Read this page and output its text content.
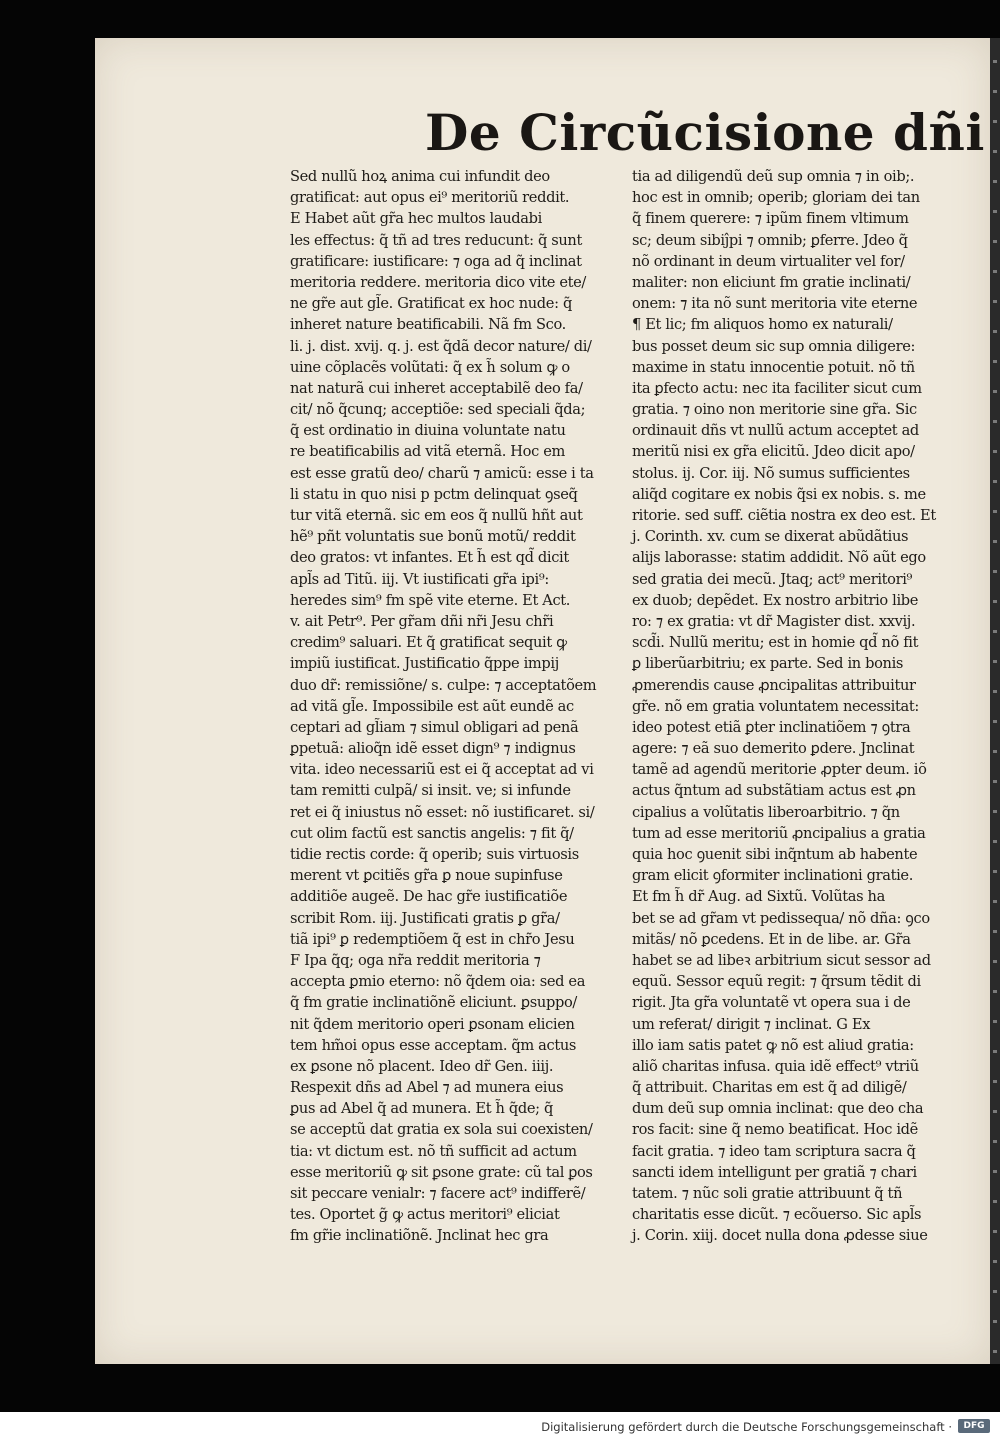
De Circũcisione dñi
Sed nullũ hoꝝ anima cui infundit deo
gratificat: aut opus ei⁹ meritoriũ reddit.
E Habet aũt gr̃a hec multos laudabi
les effectus: q̃ tñ ad tres reducunt: q̃ sunt
gratificare: iustificare: ⁊ oga ad q̃ inclinat
meritoria reddere. meritoria dico vite ete/
ne gr̃e aut gl̃e. Gratificat ex hoc nude: q̃
inheret nature beatificabili. Nã fm Sco.
li. j. dist. xvij. q. j. est q̃dã decor nature/ di/
uine cõplacẽs volũtati: q̃ ex h̃ solum ꝙ o
nat naturã cui inheret acceptabilẽ deo fa/
cit/ nõ q̃cunq; acceptiõe: sed speciali q̃da;
q̃ est ordinatio in diuina voluntate natu
re beatificabilis ad vitã eternã. Hoc em
est esse gratũ deo/ charũ ⁊ amicũ: esse i ta
li statu in quo nisi p pctm delinquat ꝯseq̃
tur vitã eternã. sic em eos q̃ nullũ hñt aut
hẽ⁹ pñt voluntatis sue bonũ motũ/ reddit
deo gratos: vt infantes. Et h̃ est qd̃ dicit
apl̃s ad Titũ. iij. Vt iustificati gr̃a ipi⁹:
heredes sim⁹ fm spẽ vite eterne. Et Act.
v. ait Petr⁹. Per gr̃am dñi nr̃i Jesu chr̃i
credim⁹ saluari. Et q̃ gratificat sequit ꝙ
impiũ iustificat. Justificatio q̃ppe impij
duo dr̃: remissiõne/ s. culpe: ⁊ acceptatõem
ad vitã gl̃e. Impossibile est aũt eundẽ ac
ceptari ad gl̃iam ⁊ simul obligari ad penã
ꝑpetuã: alioq̃n idẽ esset dign⁹ ⁊ indignus
vita. ideo necessariũ est ei q̃ acceptat ad vi
tam remitti culpã/ si insit. ve; si infunde
ret ei q̃ iniustus nõ esset: nõ iustificaret. si/
cut olim factũ est sanctis angelis: ⁊ fit q̃/
tidie rectis corde: q̃ operib; suis virtuosis
merent vt ꝑcitiẽs gr̃a ꝑ noue supinfuse
additiõe augeẽ. De hac gr̃e iustificatiõe
scribit Rom. iij. Justificati gratis ꝑ gr̃a/
tiã ipi⁹ ꝑ redemptiõem q̃ est in chr̃o Jesu
F Ipa q̃q; oga nr̃a reddit meritoria ⁊
accepta ꝑmio eterno: nõ q̃dem oia: sed ea
q̃ fm gratie inclinatiõnẽ eliciunt. ꝑsuppo/
nit q̃dem meritorio operi ꝑsonam elicien
tem hm̃oi opus esse acceptam. q̃m actus
ex ꝑsone nõ placent. Ideo dr̃ Gen. iiij.
Respexit dñs ad Abel ⁊ ad munera eius
ꝑus ad Abel q̃ ad munera. Et h̃ q̃de; q̃
se acceptũ dat gratia ex sola sui coexisten/
tia: vt dictum est. nõ tñ sufficit ad actum
esse meritoriũ ꝙ sit ꝑsone grate: cũ tal ꝑos
sit peccare venialr: ⁊ facere act⁹ indifferẽ/
tes. Oportet g̃ ꝙ actus meritori⁹ eliciat
fm gr̃ie inclinatiõnẽ. Jnclinat hec gra
tia ad diligendũ deũ sup omnia ⁊ in oib;.
hoc est in omnib; operib; gloriam dei tan
q̃ finem querere: ⁊ ipũm finem vltimum
sc; deum sibiĵpi ⁊ omnib; ꝑferre. Jdeo q̃
nõ ordinant in deum virtualiter vel for/
maliter: non eliciunt fm gratie inclinati/
onem: ⁊ ita nõ sunt meritoria vite eterne
¶ Et lic; fm aliquos homo ex naturali/
bus posset deum sic sup omnia diligere:
maxime in statu innocentie potuit. nõ tñ
ita ꝑfecto actu: nec ita faciliter sicut cum
gratia. ⁊ oino non meritorie sine gr̃a. Sic
ordinauit dñs vt nullũ actum acceptet ad
meritũ nisi ex gr̃a elicitũ. Jdeo dicit apo/
stolus. ij. Cor. iij. Nõ sumus sufficientes
aliq̃d cogitare ex nobis q̃si ex nobis. s. me
ritorie. sed suff. ciẽtia nostra ex deo est. Et
j. Corinth. xv. cum se dixerat abũdãtius
alijs laborasse: statim addidit. Nõ aũt ego
sed gratia dei mecũ. Jtaq; act⁹ meritori⁹
ex duob; depẽdet. Ex nostro arbitrio libe
ro: ⁊ ex gratia: vt dr̃ Magister dist. xxvij.
scd̃i. Nullũ meritu; est in homie qd̃ nõ fit
ꝑ liberũarbitriu; ex parte. Sed in bonis
ꝓmerendis cause ꝓncipalitas attribuitur
gr̃e. nõ em gratia voluntatem necessitat:
ideo potest etiã ꝑter inclinatiõem ⁊ ꝯtra
agere: ⁊ eã suo demerito ꝑdere. Jnclinat
tamẽ ad agendũ meritorie ꝓpter deum. iõ
actus q̃ntum ad substãtiam actus est ꝓn
cipalius a volũtatis liberoarbitrio. ⁊ q̃n
tum ad esse meritoriũ ꝓncipalius a gratia
quia hoc ꝯuenit sibi inq̃ntum ab habente
gram elicit ꝯformiter inclinationi gratie.
Et fm h̃ dr̃ Aug. ad Sixtũ. Volũtas ha
bet se ad gr̃am vt pedissequa/ nõ dña: ꝯco
mitãs/ nõ ꝑcedens. Et in de libe. ar. Gr̃a
habet se ad libeꝛ arbitrium sicut sessor ad
equũ. Sessor equũ regit: ⁊ q̃rsum tẽdit di
rigit. Jta gr̃a voluntatẽ vt opera sua i de
um referat/ dirigit ⁊ inclinat. G Ex
illo iam satis patet ꝙ nõ est aliud gratia:
aliõ charitas infusa. quia idẽ effect⁹ vtriũ
q̃ attribuit. Charitas em est q̃ ad diligẽ/
dum deũ sup omnia inclinat: que deo cha
ros facit: sine q̃ nemo beatificat. Hoc idẽ
facit gratia. ⁊ ideo tam scriptura sacra q̃
sancti idem intelligunt per gratiã ⁊ chari
tatem. ⁊ nũc soli gratie attribuunt q̃ tñ
charitatis esse dicũt. ⁊ ecõuerso. Sic apl̃s
j. Corin. xiij. docet nulla dona ꝓdesse siue
Digitalisierung gefördert durch die Deutsche Forschungsgemeinschaft ·	DFG
